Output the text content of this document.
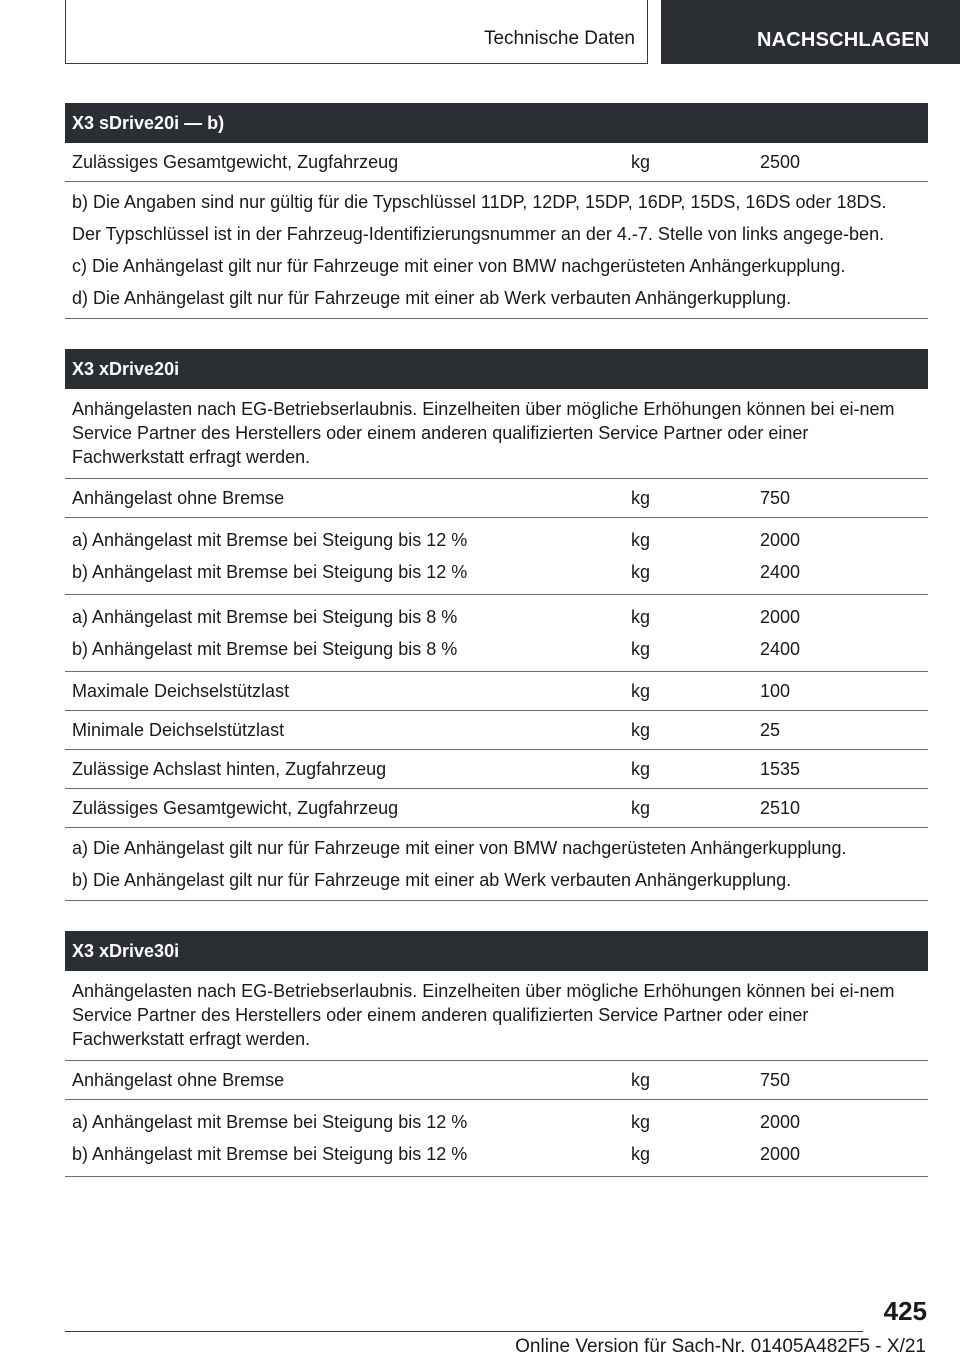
Technische Daten	NACHSCHLAGEN
X3 sDrive20i — b)
Zulässiges Gesamtgewicht, Zugfahrzeug	kg	2500

b) Die Angaben sind nur gültig für die Typschlüssel 11DP, 12DP, 15DP, 16DP, 15DS, 16DS oder 18DS.

Der Typschlüssel ist in der Fahrzeug-Identifizierungsnummer an der 4.-7. Stelle von links angege-ben.

c) Die Anhängelast gilt nur für Fahrzeuge mit einer von BMW nachgerüsteten Anhängerkupplung.

d) Die Anhängelast gilt nur für Fahrzeuge mit einer ab Werk verbauten Anhängerkupplung.

X3 xDrive20i
Anhängelasten nach EG-Betriebserlaubnis. Einzelheiten über mögliche Erhöhungen können bei ei-nem Service Partner des Herstellers oder einem anderen qualifizierten Service Partner oder einer Fachwerkstatt erfragt werden.
Anhängelast ohne Bremse	kg	750
a) Anhängelast mit Bremse bei Steigung bis 12 %	kg	2000
b) Anhängelast mit Bremse bei Steigung bis 12 %	kg	2400
a) Anhängelast mit Bremse bei Steigung bis 8 %	kg	2000
b) Anhängelast mit Bremse bei Steigung bis 8 %	kg	2400
Maximale Deichselstützlast	kg	100
Minimale Deichselstützlast	kg	25
Zulässige Achslast hinten, Zugfahrzeug	kg	1535
Zulässiges Gesamtgewicht, Zugfahrzeug	kg	2510

a) Die Anhängelast gilt nur für Fahrzeuge mit einer von BMW nachgerüsteten Anhängerkupplung.

b) Die Anhängelast gilt nur für Fahrzeuge mit einer ab Werk verbauten Anhängerkupplung.

X3 xDrive30i
Anhängelasten nach EG-Betriebserlaubnis. Einzelheiten über mögliche Erhöhungen können bei ei-nem Service Partner des Herstellers oder einem anderen qualifizierten Service Partner oder einer Fachwerkstatt erfragt werden.
Anhängelast ohne Bremse	kg	750
a) Anhängelast mit Bremse bei Steigung bis 12 %	kg	2000
b) Anhängelast mit Bremse bei Steigung bis 12 %	kg	2000
425
Online Version für Sach-Nr. 01405A482F5 - X/21
